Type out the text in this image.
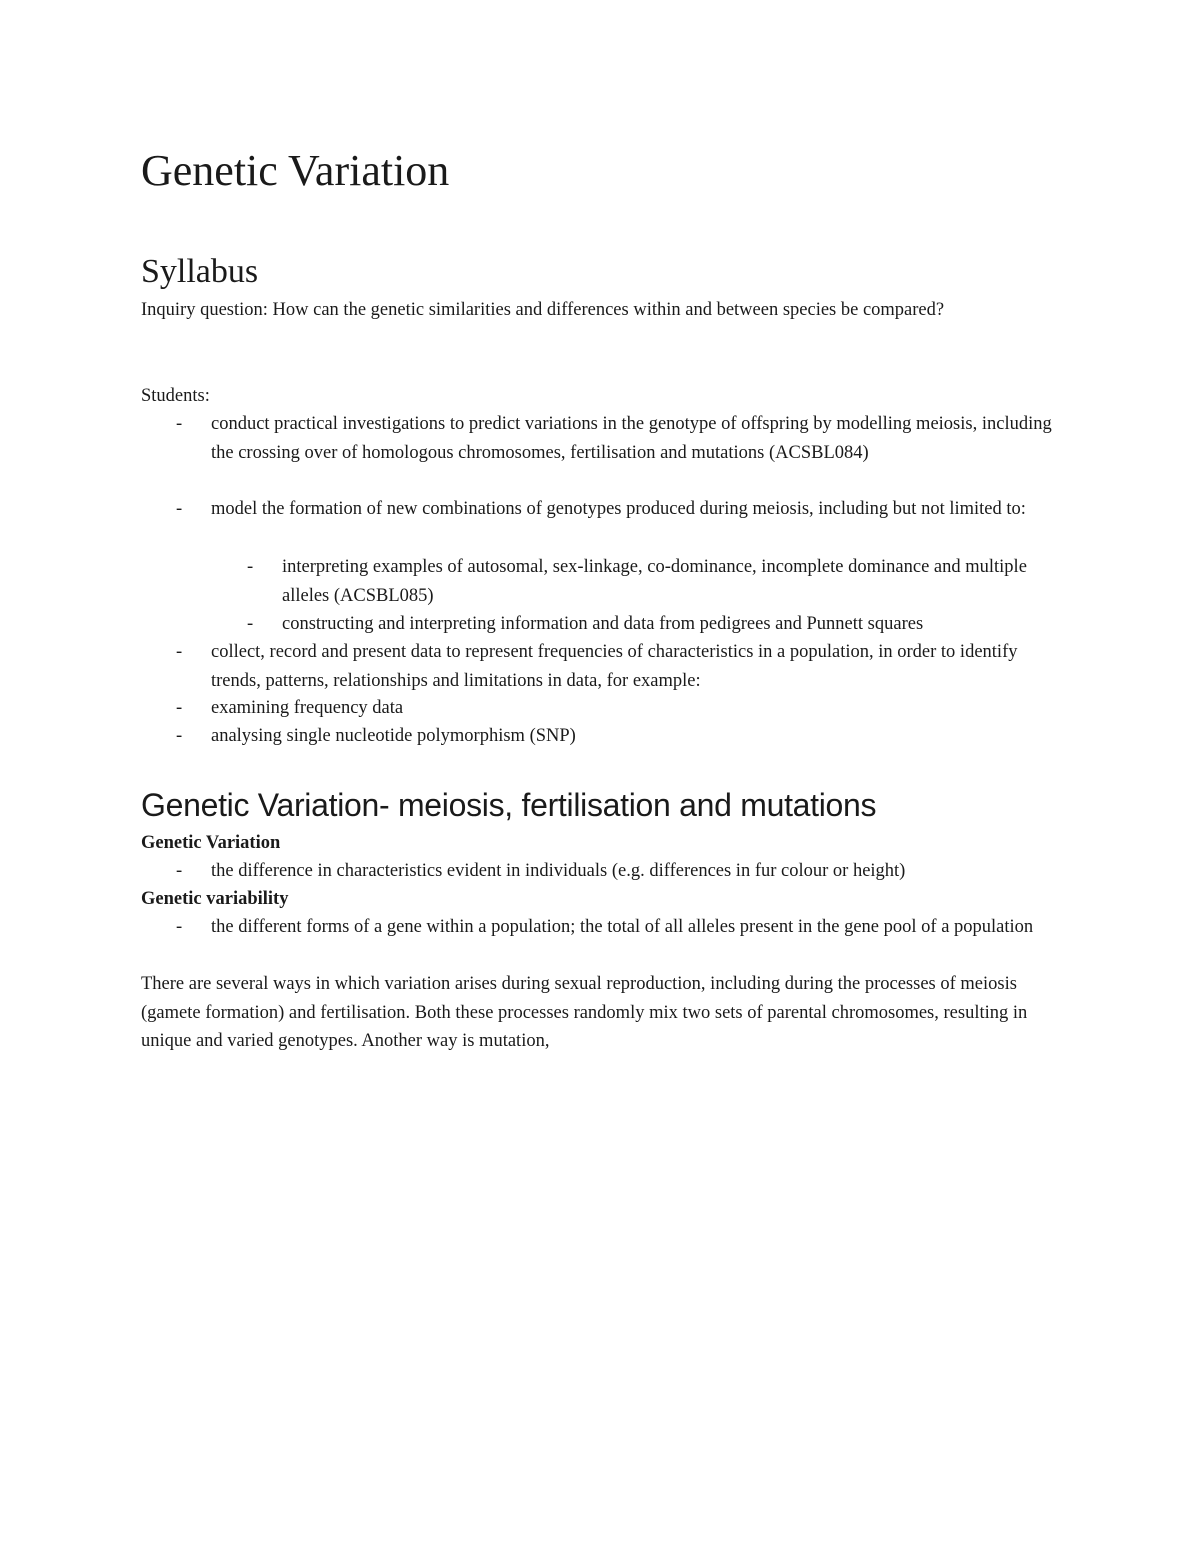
Genetic Variation
Syllabus

Inquiry question: How can the genetic similarities and differences within and between species be compared?

Students:

- conduct practical investigations to predict variations in the genotype of offspring by modelling meiosis, including the crossing over of homologous chromosomes, fertilisation and mutations (ACSBL084)

- model the formation of new combinations of genotypes produced during meiosis, including but not limited to:

- interpreting examples of autosomal, sex-linkage, co-dominance, incomplete dominance and multiple alleles (ACSBL085)

- constructing and interpreting information and data from pedigrees and Punnett squares

- collect, record and present data to represent frequencies of characteristics in a population, in order to identify trends, patterns, relationships and limitations in data, for example:

- examining frequency data

- analysing single nucleotide polymorphism (SNP)

Genetic Variation- meiosis, fertilisation and mutations

Genetic Variation

- the difference in characteristics evident in individuals (e.g. differences in fur colour or height)

Genetic variability

- the different forms of a gene within a population; the total of all alleles present in the gene pool of a population

There are several ways in which variation arises during sexual reproduction, including during the processes of meiosis (gamete formation) and fertilisation. Both these processes randomly mix two sets of parental chromosomes, resulting in unique and varied genotypes. Another way is mutation,
